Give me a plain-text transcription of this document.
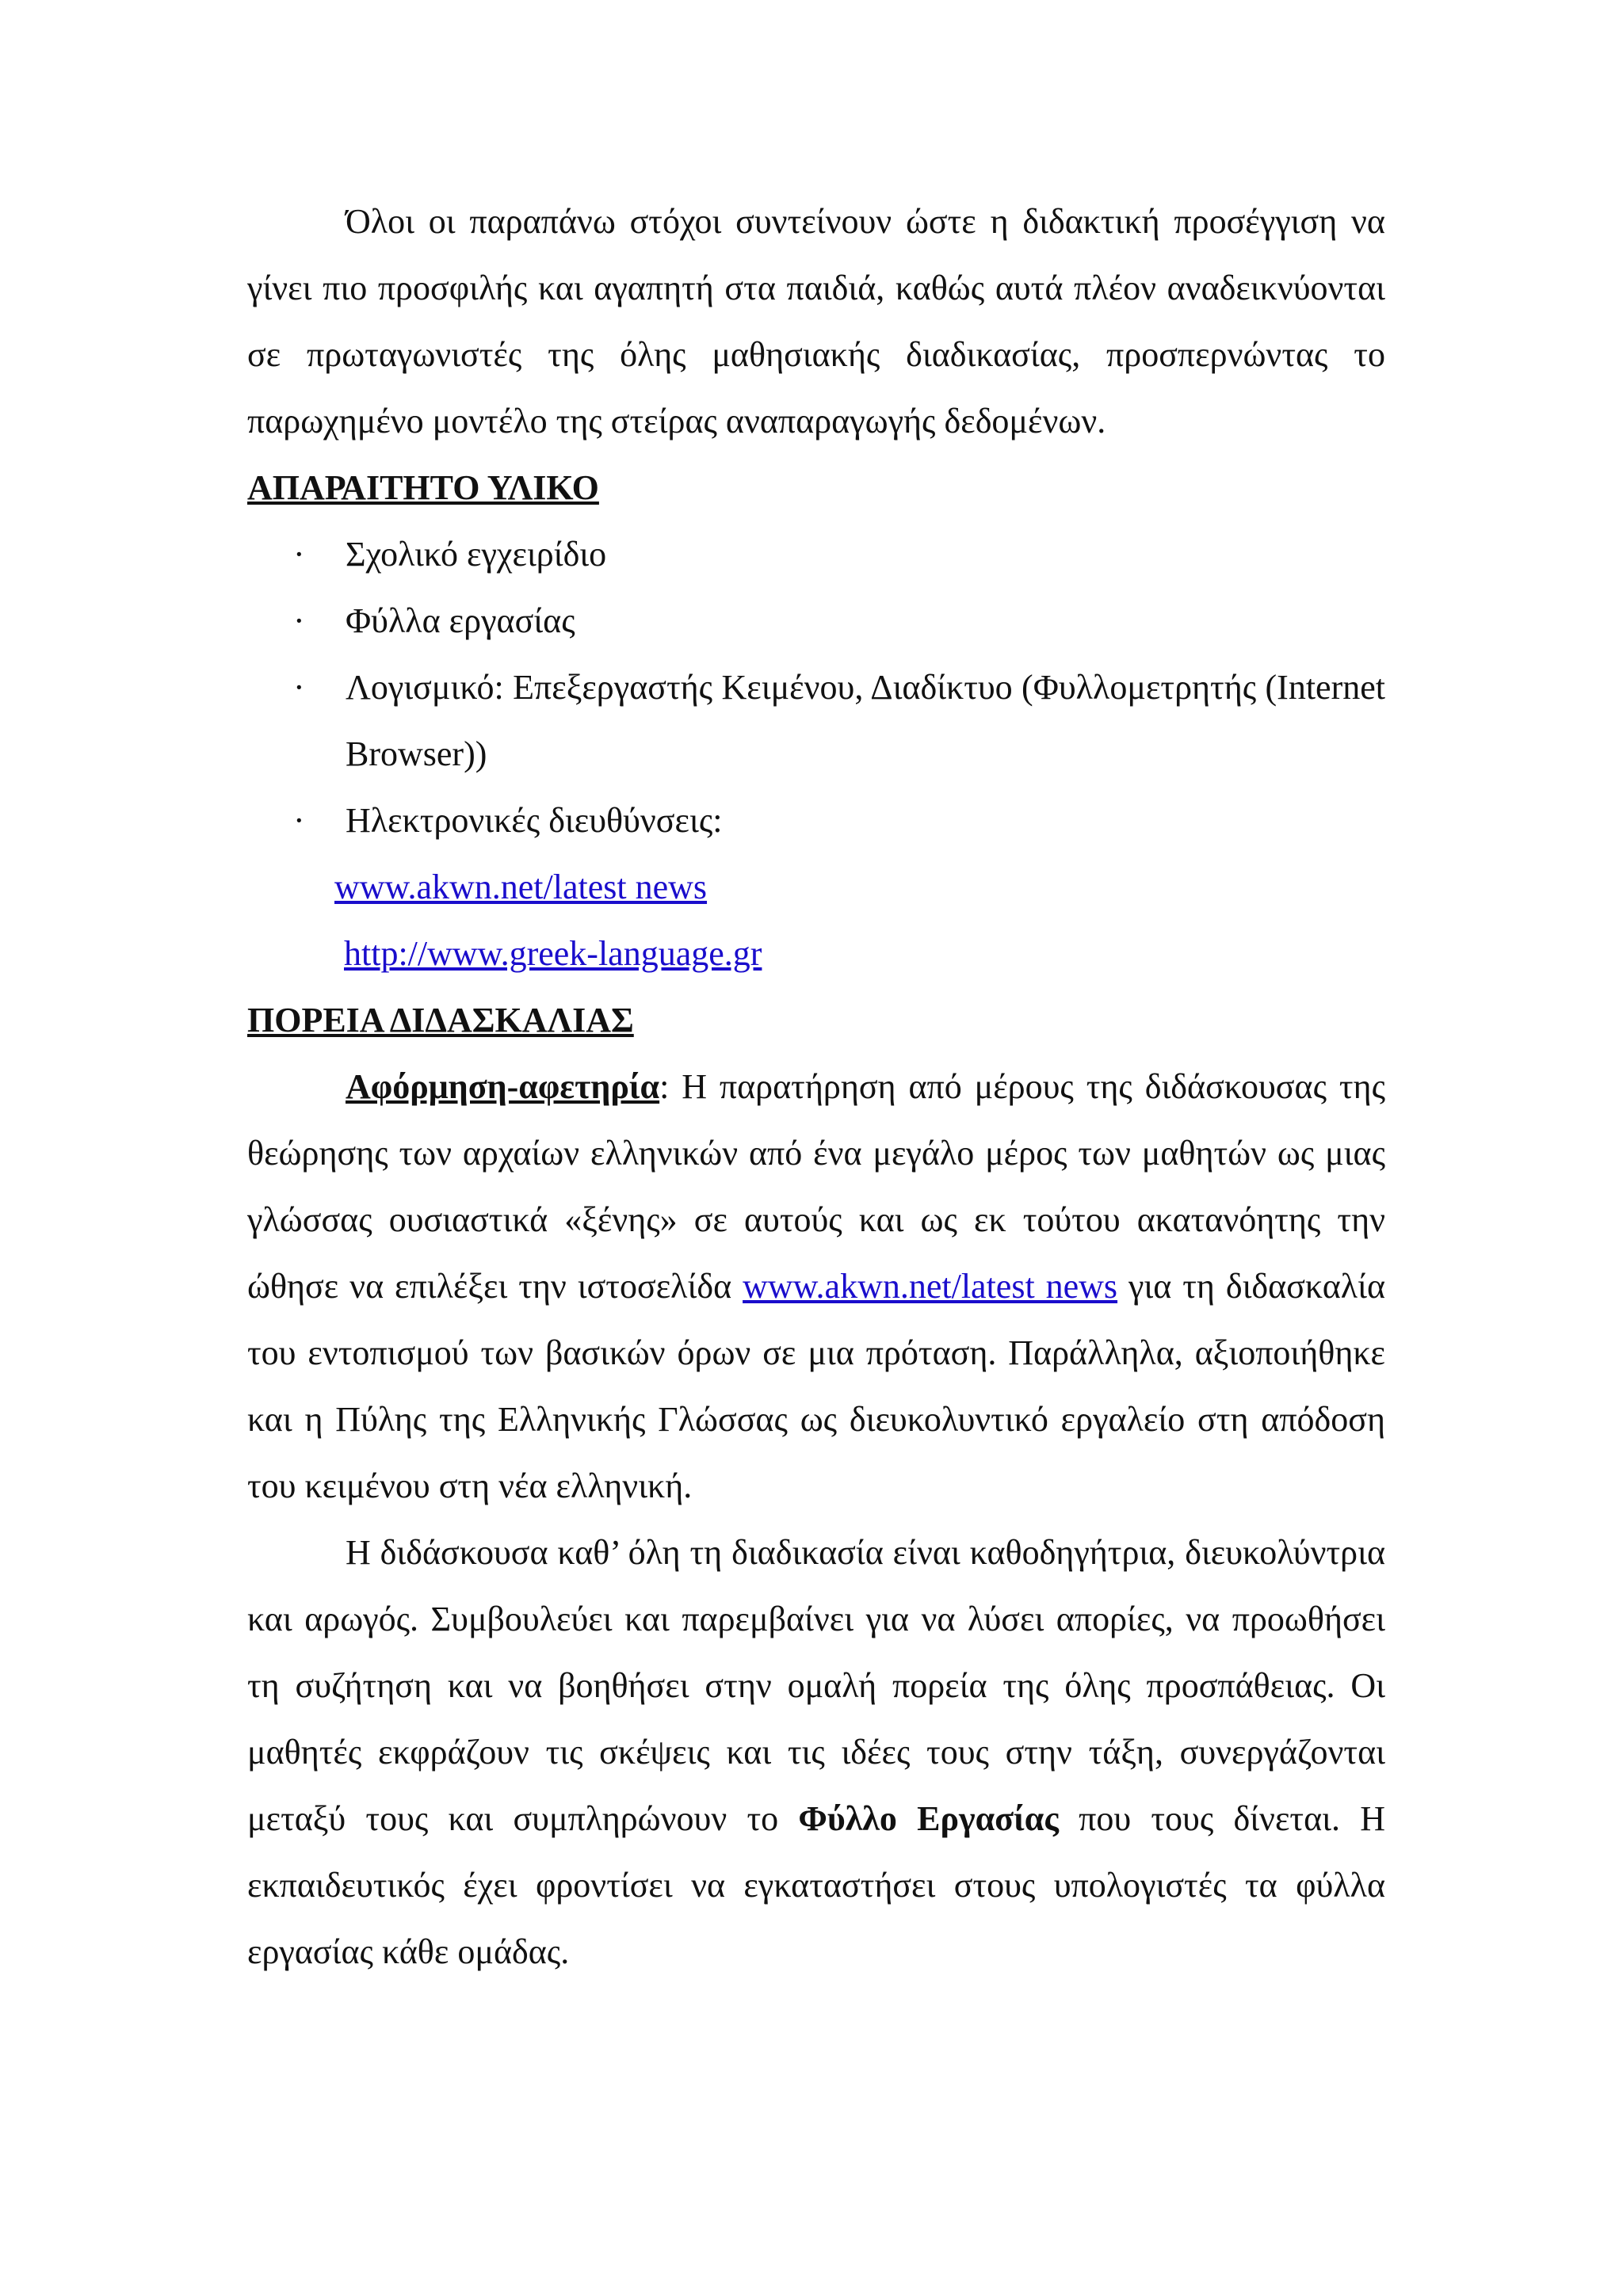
Όλοι οι παραπάνω στόχοι συντείνουν ώστε η διδακτική προσέγγιση να γίνει πιο προσφιλής και αγαπητή στα παιδιά, καθώς αυτά πλέον αναδεικνύονται σε πρωταγωνιστές της όλης μαθησιακής διαδικασίας, προσπερνώντας το παρωχημένο μοντέλο της στείρας αναπαραγωγής δεδομένων.

ΑΠΑΡΑΙΤΗΤΟ ΥΛΙΚΟ
· Σχολικό εγχειρίδιο
· Φύλλα εργασίας
· Λογισμικό: Επεξεργαστής Κειμένου, Διαδίκτυο (Φυλλομετρητής (Internet Browser))
· Ηλεκτρονικές διευθύνσεις:
www.akwn.net/latest news
http://www.greek-language.gr
ΠΟΡΕΙΑ ΔΙΔΑΣΚΑΛΙΑΣ

Αφόρμηση-αφετηρία: Η παρατήρηση από μέρους της διδάσκουσας της θεώρησης των αρχαίων ελληνικών από ένα μεγάλο μέρος των μαθητών ως μιας γλώσσας ουσιαστικά «ξένης» σε αυτούς και ως εκ τούτου ακατανόητης την ώθησε να επιλέξει την ιστοσελίδα www.akwn.net/latest news για τη διδασκαλία του εντοπισμού των βασικών όρων σε μια πρόταση. Παράλληλα, αξιοποιήθηκε και η Πύλης της Ελληνικής Γλώσσας ως διευκολυντικό εργαλείο στη απόδοση του κειμένου στη νέα ελληνική.

Η διδάσκουσα καθ’ όλη τη διαδικασία είναι καθοδηγήτρια, διευκολύντρια και αρωγός. Συμβουλεύει και παρεμβαίνει για να λύσει απορίες, να προωθήσει τη συζήτηση και να βοηθήσει στην ομαλή πορεία της όλης προσπάθειας. Οι μαθητές εκφράζουν τις σκέψεις και τις ιδέες τους στην τάξη, συνεργάζονται μεταξύ τους και συμπληρώνουν το Φύλλο Εργασίας που τους δίνεται. Η εκπαιδευτικός έχει φροντίσει να εγκαταστήσει στους υπολογιστές τα φύλλα εργασίας κάθε ομάδας.
